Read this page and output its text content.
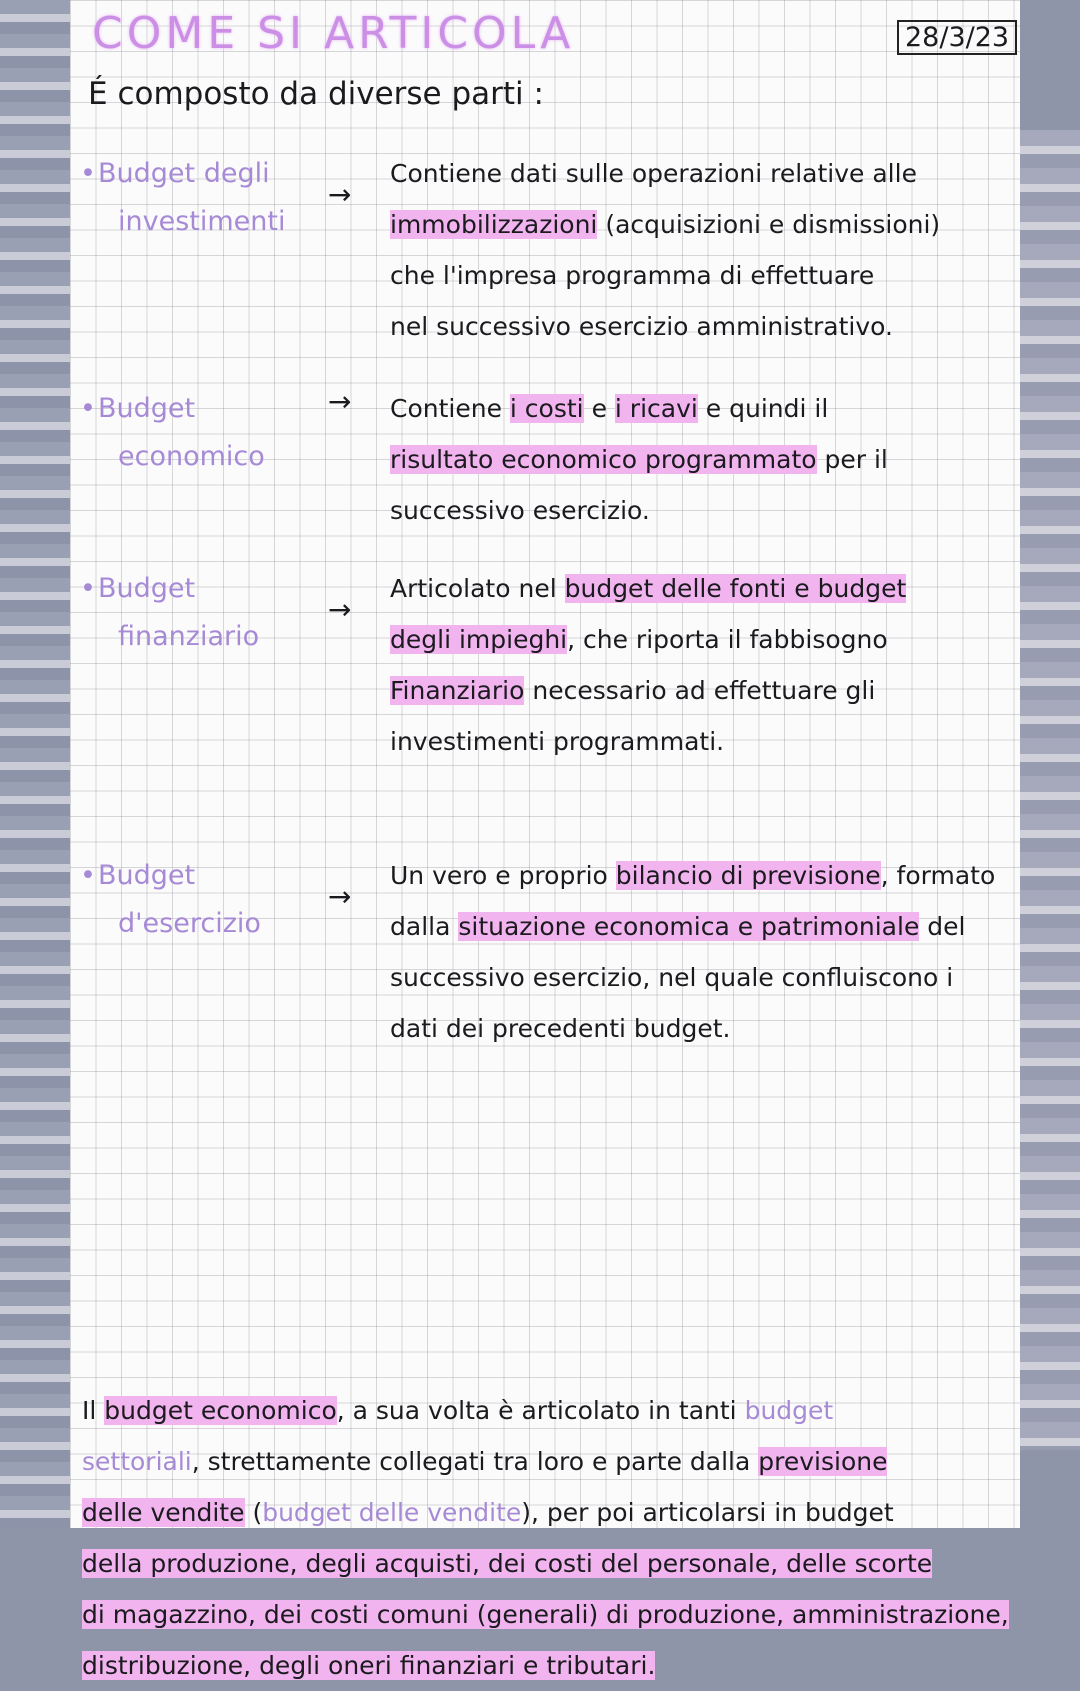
COME SI ARTICOLA	28/3/23
É composto da diverse parti :
• Budget degli
investimenti
→
Contiene dati sulle operazioni relative alle
immobilizzazioni (acquisizioni e dismissioni)
che l'impresa programma di effettuare
nel successivo esercizio amministrativo.
• Budget
economico
→ Contiene i costi e i ricavi e quindi il
risultato economico programmato per il
successivo esercizio.
• Budget
finanziario
→
Articolato nel budget delle fonti e budget
degli impieghi, che riporta il fabbisogno
Finanziario necessario ad effettuare gli
investimenti programmati.
• Budget
d'esercizio
→
Un vero e proprio bilancio di previsione, formato
dalla situazione economica e patrimoniale del
successivo esercizio, nel quale confluiscono i
dati dei precedenti budget.
Il budget economico, a sua volta è articolato in tanti budget
settoriali, strettamente collegati tra loro e parte dalla previsione
delle vendite (budget delle vendite), per poi articolarsi in budget
della produzione, degli acquisti, dei costi del personale, delle scorte
di magazzino, dei costi comuni (generali) di produzione, amministrazione,
distribuzione, degli oneri finanziari e tributari.
